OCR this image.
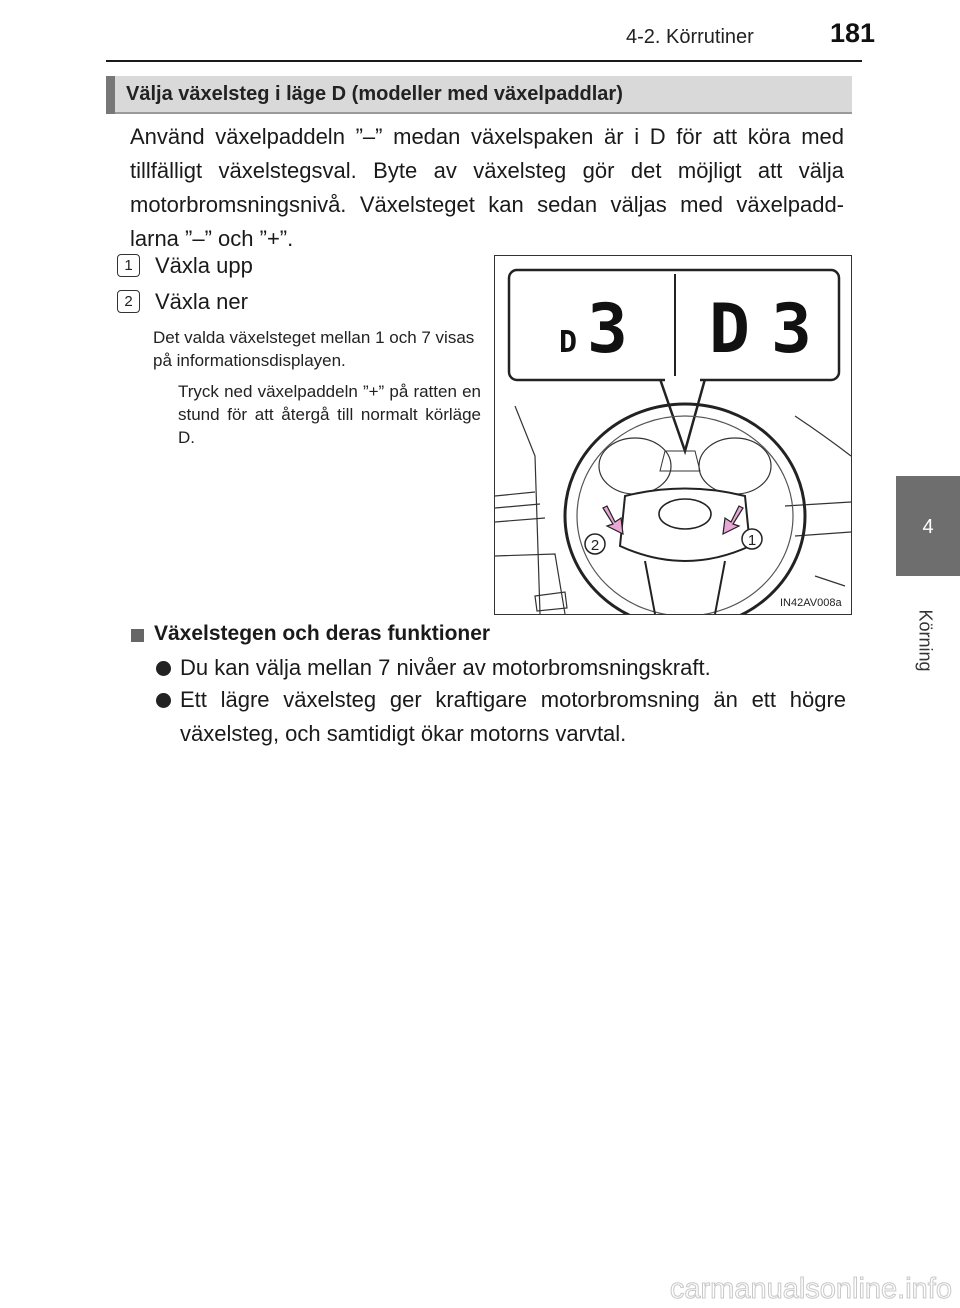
4-2. Körrutiner	181
4
Körning
Välja växelsteg i läge D (modeller med växelpaddlar)
Använd växelpaddeln ”–” medan växelspaken är i D för att köra med tillfälligt växelstegsval. Byte av växelsteg gör det möjligt att välja motorbromsningsnivå. Växelsteget kan sedan väljas med växelpadd-larna ”–” och ”+”.
1	Växla upp
2	Växla ner
Det valda växelsteget mellan 1 och 7 visas på informationsdisplayen.
Tryck ned växelpaddeln ”+” på ratten en stund för att återgå till normalt körläge D.
2	1
D 3 D 3
IN42AV008a
Växelstegen och deras funktioner
Du kan välja mellan 7 nivåer av motorbromsningskraft.
Ett lägre växelsteg ger kraftigare motorbromsning än ett högre växelsteg, och samtidigt ökar motorns varvtal.
carmanualsonline.info
